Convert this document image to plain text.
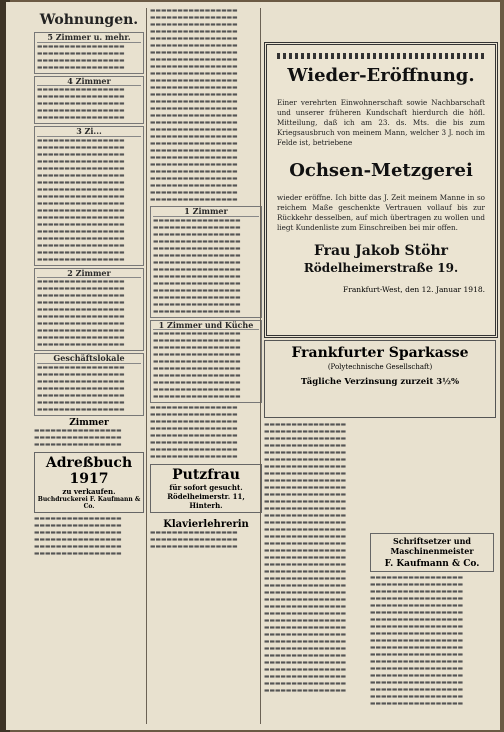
Wohnungen.
5 Zimmer u. mehr.
▬▬▬▬▬▬▬▬▬▬▬▬▬▬▬▬
▬▬▬▬▬▬▬▬▬▬▬▬▬▬▬▬
▬▬▬▬▬▬▬▬▬▬▬▬▬▬▬▬
▬▬▬▬▬▬▬▬▬▬▬▬▬▬▬▬
4 Zimmer
▬▬▬▬▬▬▬▬▬▬▬▬▬▬▬▬
▬▬▬▬▬▬▬▬▬▬▬▬▬▬▬▬
▬▬▬▬▬▬▬▬▬▬▬▬▬▬▬▬
▬▬▬▬▬▬▬▬▬▬▬▬▬▬▬▬
▬▬▬▬▬▬▬▬▬▬▬▬▬▬▬▬
3 Zi...
▬▬▬▬▬▬▬▬▬▬▬▬▬▬▬▬
▬▬▬▬▬▬▬▬▬▬▬▬▬▬▬▬
▬▬▬▬▬▬▬▬▬▬▬▬▬▬▬▬
▬▬▬▬▬▬▬▬▬▬▬▬▬▬▬▬
▬▬▬▬▬▬▬▬▬▬▬▬▬▬▬▬
▬▬▬▬▬▬▬▬▬▬▬▬▬▬▬▬
▬▬▬▬▬▬▬▬▬▬▬▬▬▬▬▬
▬▬▬▬▬▬▬▬▬▬▬▬▬▬▬▬
▬▬▬▬▬▬▬▬▬▬▬▬▬▬▬▬
▬▬▬▬▬▬▬▬▬▬▬▬▬▬▬▬
▬▬▬▬▬▬▬▬▬▬▬▬▬▬▬▬
▬▬▬▬▬▬▬▬▬▬▬▬▬▬▬▬
▬▬▬▬▬▬▬▬▬▬▬▬▬▬▬▬
▬▬▬▬▬▬▬▬▬▬▬▬▬▬▬▬
▬▬▬▬▬▬▬▬▬▬▬▬▬▬▬▬
▬▬▬▬▬▬▬▬▬▬▬▬▬▬▬▬
▬▬▬▬▬▬▬▬▬▬▬▬▬▬▬▬
▬▬▬▬▬▬▬▬▬▬▬▬▬▬▬▬
2 Zimmer
▬▬▬▬▬▬▬▬▬▬▬▬▬▬▬▬
▬▬▬▬▬▬▬▬▬▬▬▬▬▬▬▬
▬▬▬▬▬▬▬▬▬▬▬▬▬▬▬▬
▬▬▬▬▬▬▬▬▬▬▬▬▬▬▬▬
▬▬▬▬▬▬▬▬▬▬▬▬▬▬▬▬
▬▬▬▬▬▬▬▬▬▬▬▬▬▬▬▬
▬▬▬▬▬▬▬▬▬▬▬▬▬▬▬▬
▬▬▬▬▬▬▬▬▬▬▬▬▬▬▬▬
▬▬▬▬▬▬▬▬▬▬▬▬▬▬▬▬
▬▬▬▬▬▬▬▬▬▬▬▬▬▬▬▬
Geschäftslokale
▬▬▬▬▬▬▬▬▬▬▬▬▬▬▬▬
▬▬▬▬▬▬▬▬▬▬▬▬▬▬▬▬
▬▬▬▬▬▬▬▬▬▬▬▬▬▬▬▬
▬▬▬▬▬▬▬▬▬▬▬▬▬▬▬▬
▬▬▬▬▬▬▬▬▬▬▬▬▬▬▬▬
▬▬▬▬▬▬▬▬▬▬▬▬▬▬▬▬
▬▬▬▬▬▬▬▬▬▬▬▬▬▬▬▬
Zimmer
▬▬▬▬▬▬▬▬▬▬▬▬▬▬▬▬
▬▬▬▬▬▬▬▬▬▬▬▬▬▬▬▬
▬▬▬▬▬▬▬▬▬▬▬▬▬▬▬▬
Adreßbuch 1917
zu verkaufen.
Buchdruckerei F. Kaufmann & Co.
▬▬▬▬▬▬▬▬▬▬▬▬▬▬▬▬
▬▬▬▬▬▬▬▬▬▬▬▬▬▬▬▬
▬▬▬▬▬▬▬▬▬▬▬▬▬▬▬▬
▬▬▬▬▬▬▬▬▬▬▬▬▬▬▬▬
▬▬▬▬▬▬▬▬▬▬▬▬▬▬▬▬
▬▬▬▬▬▬▬▬▬▬▬▬▬▬▬▬
▬▬▬▬▬▬▬▬▬▬▬▬▬▬▬▬
▬▬▬▬▬▬▬▬▬▬▬▬▬▬▬▬
▬▬▬▬▬▬▬▬▬▬▬▬▬▬▬▬
▬▬▬▬▬▬▬▬▬▬▬▬▬▬▬▬
▬▬▬▬▬▬▬▬▬▬▬▬▬▬▬▬
▬▬▬▬▬▬▬▬▬▬▬▬▬▬▬▬
▬▬▬▬▬▬▬▬▬▬▬▬▬▬▬▬
▬▬▬▬▬▬▬▬▬▬▬▬▬▬▬▬
▬▬▬▬▬▬▬▬▬▬▬▬▬▬▬▬
▬▬▬▬▬▬▬▬▬▬▬▬▬▬▬▬
▬▬▬▬▬▬▬▬▬▬▬▬▬▬▬▬
▬▬▬▬▬▬▬▬▬▬▬▬▬▬▬▬
▬▬▬▬▬▬▬▬▬▬▬▬▬▬▬▬
▬▬▬▬▬▬▬▬▬▬▬▬▬▬▬▬
▬▬▬▬▬▬▬▬▬▬▬▬▬▬▬▬
▬▬▬▬▬▬▬▬▬▬▬▬▬▬▬▬
▬▬▬▬▬▬▬▬▬▬▬▬▬▬▬▬
▬▬▬▬▬▬▬▬▬▬▬▬▬▬▬▬
▬▬▬▬▬▬▬▬▬▬▬▬▬▬▬▬
▬▬▬▬▬▬▬▬▬▬▬▬▬▬▬▬
▬▬▬▬▬▬▬▬▬▬▬▬▬▬▬▬
▬▬▬▬▬▬▬▬▬▬▬▬▬▬▬▬
▬▬▬▬▬▬▬▬▬▬▬▬▬▬▬▬
▬▬▬▬▬▬▬▬▬▬▬▬▬▬▬▬
▬▬▬▬▬▬▬▬▬▬▬▬▬▬▬▬
▬▬▬▬▬▬▬▬▬▬▬▬▬▬▬▬
▬▬▬▬▬▬▬▬▬▬▬▬▬▬▬▬
▬▬▬▬▬▬▬▬▬▬▬▬▬▬▬▬
1 Zimmer
▬▬▬▬▬▬▬▬▬▬▬▬▬▬▬▬
▬▬▬▬▬▬▬▬▬▬▬▬▬▬▬▬
▬▬▬▬▬▬▬▬▬▬▬▬▬▬▬▬
▬▬▬▬▬▬▬▬▬▬▬▬▬▬▬▬
▬▬▬▬▬▬▬▬▬▬▬▬▬▬▬▬
▬▬▬▬▬▬▬▬▬▬▬▬▬▬▬▬
▬▬▬▬▬▬▬▬▬▬▬▬▬▬▬▬
▬▬▬▬▬▬▬▬▬▬▬▬▬▬▬▬
▬▬▬▬▬▬▬▬▬▬▬▬▬▬▬▬
▬▬▬▬▬▬▬▬▬▬▬▬▬▬▬▬
▬▬▬▬▬▬▬▬▬▬▬▬▬▬▬▬
▬▬▬▬▬▬▬▬▬▬▬▬▬▬▬▬
▬▬▬▬▬▬▬▬▬▬▬▬▬▬▬▬
▬▬▬▬▬▬▬▬▬▬▬▬▬▬▬▬
1 Zimmer und Küche
▬▬▬▬▬▬▬▬▬▬▬▬▬▬▬▬
▬▬▬▬▬▬▬▬▬▬▬▬▬▬▬▬
▬▬▬▬▬▬▬▬▬▬▬▬▬▬▬▬
▬▬▬▬▬▬▬▬▬▬▬▬▬▬▬▬
▬▬▬▬▬▬▬▬▬▬▬▬▬▬▬▬
▬▬▬▬▬▬▬▬▬▬▬▬▬▬▬▬
▬▬▬▬▬▬▬▬▬▬▬▬▬▬▬▬
▬▬▬▬▬▬▬▬▬▬▬▬▬▬▬▬
▬▬▬▬▬▬▬▬▬▬▬▬▬▬▬▬
▬▬▬▬▬▬▬▬▬▬▬▬▬▬▬▬
▬▬▬▬▬▬▬▬▬▬▬▬▬▬▬▬
▬▬▬▬▬▬▬▬▬▬▬▬▬▬▬▬
▬▬▬▬▬▬▬▬▬▬▬▬▬▬▬▬
▬▬▬▬▬▬▬▬▬▬▬▬▬▬▬▬
▬▬▬▬▬▬▬▬▬▬▬▬▬▬▬▬
▬▬▬▬▬▬▬▬▬▬▬▬▬▬▬▬
▬▬▬▬▬▬▬▬▬▬▬▬▬▬▬▬
▬▬▬▬▬▬▬▬▬▬▬▬▬▬▬▬
Putzfrau
für sofort gesucht.
Rödelheimerstr. 11, Hinterh.
Klavierlehrerin
▬▬▬▬▬▬▬▬▬▬▬▬▬▬▬▬
▬▬▬▬▬▬▬▬▬▬▬▬▬▬▬▬
▬▬▬▬▬▬▬▬▬▬▬▬▬▬▬▬
Wieder-Eröffnung.
Einer verehrten Einwohnerschaft sowie Nachbarschaft und unserer früheren Kundschaft hierdurch die höfl. Mitteilung, daß ich am 23. ds. Mts. die bis zum Kriegsausbruch von meinem Mann, welcher 3 J. noch im Felde ist, betriebene
Ochsen-Metzgerei
wieder eröffne. Ich bitte das J. Zeit meinem Manne in so reichem Maße geschenkte Vertrauen vollauf bis zur Rückkehr desselben, auf mich übertragen zu wollen und liegt Kundenliste zum Einschreiben bei mir offen.
Frau Jakob Stöhr
Rödelheimerstraße 19.
Frankfurt-West, den 12. Januar 1918.
Frankfurter Sparkasse
(Polytechnische Gesellschaft)
Tägliche Verzinsung zurzeit 3½%
▬▬▬▬▬▬▬▬▬▬▬▬▬▬▬
▬▬▬▬▬▬▬▬▬▬▬▬▬▬▬
▬▬▬▬▬▬▬▬▬▬▬▬▬▬▬
▬▬▬▬▬▬▬▬▬▬▬▬▬▬▬
▬▬▬▬▬▬▬▬▬▬▬▬▬▬▬
▬▬▬▬▬▬▬▬▬▬▬▬▬▬▬
▬▬▬▬▬▬▬▬▬▬▬▬▬▬▬
▬▬▬▬▬▬▬▬▬▬▬▬▬▬▬
▬▬▬▬▬▬▬▬▬▬▬▬▬▬▬
▬▬▬▬▬▬▬▬▬▬▬▬▬▬▬
▬▬▬▬▬▬▬▬▬▬▬▬▬▬▬
▬▬▬▬▬▬▬▬▬▬▬▬▬▬▬
▬▬▬▬▬▬▬▬▬▬▬▬▬▬▬
▬▬▬▬▬▬▬▬▬▬▬▬▬▬▬
▬▬▬▬▬▬▬▬▬▬▬▬▬▬▬
▬▬▬▬▬▬▬▬▬▬▬▬▬▬▬
▬▬▬▬▬▬▬▬▬▬▬▬▬▬▬
▬▬▬▬▬▬▬▬▬▬▬▬▬▬▬
▬▬▬▬▬▬▬▬▬▬▬▬▬▬▬
▬▬▬▬▬▬▬▬▬▬▬▬▬▬▬
▬▬▬▬▬▬▬▬▬▬▬▬▬▬▬
▬▬▬▬▬▬▬▬▬▬▬▬▬▬▬
▬▬▬▬▬▬▬▬▬▬▬▬▬▬▬
▬▬▬▬▬▬▬▬▬▬▬▬▬▬▬
▬▬▬▬▬▬▬▬▬▬▬▬▬▬▬
▬▬▬▬▬▬▬▬▬▬▬▬▬▬▬
▬▬▬▬▬▬▬▬▬▬▬▬▬▬▬
▬▬▬▬▬▬▬▬▬▬▬▬▬▬▬
▬▬▬▬▬▬▬▬▬▬▬▬▬▬▬
▬▬▬▬▬▬▬▬▬▬▬▬▬▬▬
▬▬▬▬▬▬▬▬▬▬▬▬▬▬▬
▬▬▬▬▬▬▬▬▬▬▬▬▬▬▬
▬▬▬▬▬▬▬▬▬▬▬▬▬▬▬
▬▬▬▬▬▬▬▬▬▬▬▬▬▬▬
▬▬▬▬▬▬▬▬▬▬▬▬▬▬▬
▬▬▬▬▬▬▬▬▬▬▬▬▬▬▬
▬▬▬▬▬▬▬▬▬▬▬▬▬▬▬
▬▬▬▬▬▬▬▬▬▬▬▬▬▬▬
▬▬▬▬▬▬▬▬▬▬▬▬▬▬▬
Schriftsetzer und Maschinenmeister
F. Kaufmann & Co.
▬▬▬▬▬▬▬▬▬▬▬▬▬▬▬▬▬
▬▬▬▬▬▬▬▬▬▬▬▬▬▬▬▬▬
▬▬▬▬▬▬▬▬▬▬▬▬▬▬▬▬▬
▬▬▬▬▬▬▬▬▬▬▬▬▬▬▬▬▬
▬▬▬▬▬▬▬▬▬▬▬▬▬▬▬▬▬
▬▬▬▬▬▬▬▬▬▬▬▬▬▬▬▬▬
▬▬▬▬▬▬▬▬▬▬▬▬▬▬▬▬▬
▬▬▬▬▬▬▬▬▬▬▬▬▬▬▬▬▬
▬▬▬▬▬▬▬▬▬▬▬▬▬▬▬▬▬
▬▬▬▬▬▬▬▬▬▬▬▬▬▬▬▬▬
▬▬▬▬▬▬▬▬▬▬▬▬▬▬▬▬▬
▬▬▬▬▬▬▬▬▬▬▬▬▬▬▬▬▬
▬▬▬▬▬▬▬▬▬▬▬▬▬▬▬▬▬
▬▬▬▬▬▬▬▬▬▬▬▬▬▬▬▬▬
▬▬▬▬▬▬▬▬▬▬▬▬▬▬▬▬▬
▬▬▬▬▬▬▬▬▬▬▬▬▬▬▬▬▬
▬▬▬▬▬▬▬▬▬▬▬▬▬▬▬▬▬
▬▬▬▬▬▬▬▬▬▬▬▬▬▬▬▬▬
▬▬▬▬▬▬▬▬▬▬▬▬▬▬▬▬▬
